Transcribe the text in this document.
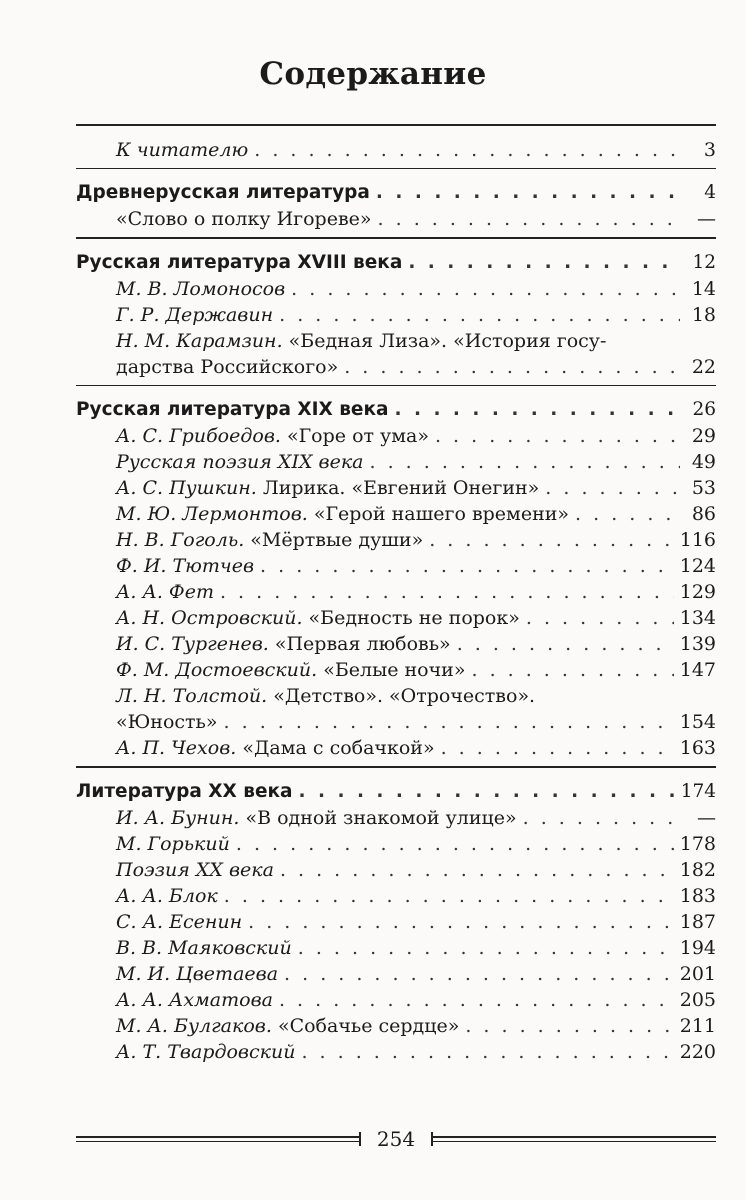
Содержание
К читателю . . .	3
Древнерусская литература . . .	4
«Слово о полку Игореве» . . .	—
Русская литература XVIII века . . .	12
М. В. Ломоносов . . .	14
Г. Р. Державин . . .	18
Н. М. Карамзин. «Бедная Лиза». «История госу-
дарства Российского» . . .	22
Русская литература XIX века . . .	26
А. С. Грибоедов. «Горе от ума» . . .	29
Русская поэзия XIX века . . .	49
А. С. Пушкин. Лирика. «Евгений Онегин» . . .	53
М. Ю. Лермонтов. «Герой нашего времени» . . .	86
Н. В. Гоголь. «Мёртвые души» . . .	116
Ф. И. Тютчев . . .	124
А. А. Фет . . .	129
А. Н. Островский. «Бедность не порок» . . .	134
И. С. Тургенев. «Первая любовь» . . .	139
Ф. М. Достоевский. «Белые ночи» . . .	147
Л. Н. Толстой. «Детство». «Отрочество».
«Юность» . . .	154
А. П. Чехов. «Дама с собачкой» . . .	163
Литература XX века . . .	174
И. А. Бунин. «В одной знакомой улице» . . .	—
М. Горький . . .	178
Поэзия XX века . . .	182
А. А. Блок . . .	183
С. А. Есенин . . .	187
В. В. Маяковский . . .	194
М. И. Цветаева . . .	201
А. А. Ахматова . . .	205
М. А. Булгаков. «Собачье сердце» . . .	211
А. Т. Твардовский . . .	220
254
